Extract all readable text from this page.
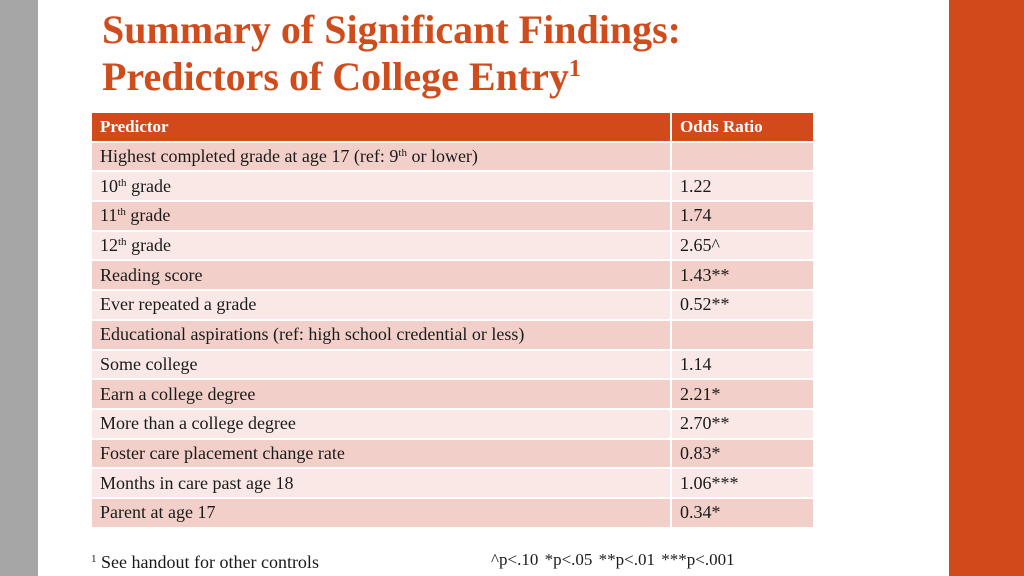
Summary of Significant Findings:
Predictors of College Entry$^1$
Predictor	Odds Ratio
Highest completed grade at age 17 (ref: 9th or lower)	
10th grade	1.22
11th grade	1.74
12th grade	2.65^
Reading score	1.43**
Ever repeated a grade	0.52**
Educational aspirations (ref: high school credential or less)	
Some college	1.14
Earn a college degree	2.21*
More than a college degree	2.70**
Foster care placement change rate	0.83*
Months in care past age 18	1.06***
Parent at age 17	0.34*
$^1$ See handout for other controls	^p<.10 *p<.05 **p<.01 ***p<.001
